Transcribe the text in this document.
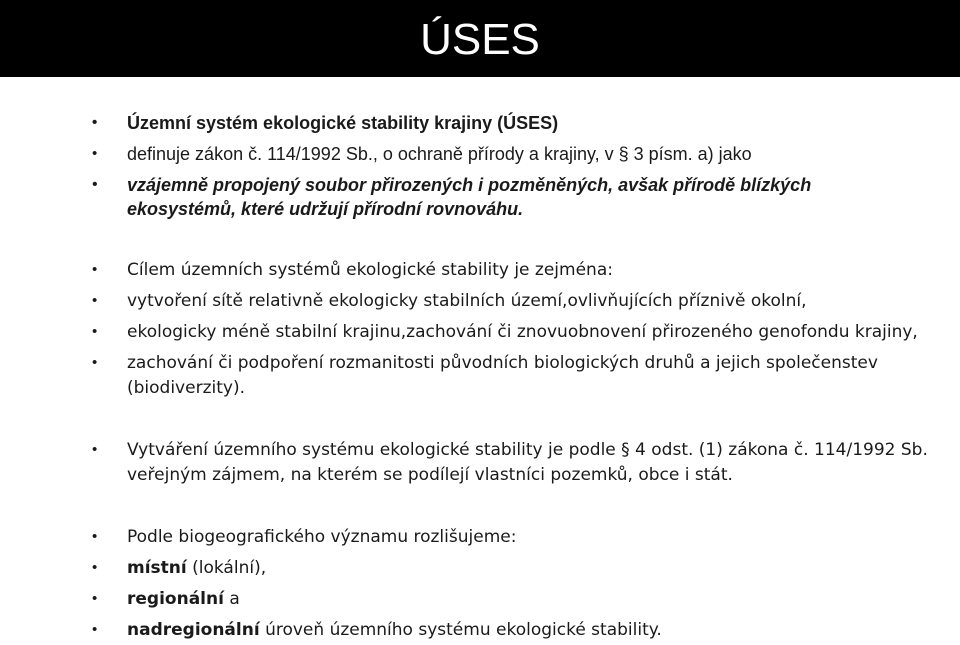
ÚSES
• Územní systém ekologické stability krajiny (ÚSES)
• definuje zákon č. 114/1992 Sb., o ochraně přírody a krajiny, v § 3 písm. a) jako
• vzájemně propojený soubor přirozených i pozměněných, avšak přírodě blízkých
ekosystémů, které udržují přírodní rovnováhu.
• Cílem územních systémů ekologické stability je zejména:
• vytvoření sítě relativně ekologicky stabilních území,ovlivňujících příznivě okolní,
• ekologicky méně stabilní krajinu,zachování či znovuobnovení přirozeného genofondu krajiny,
• zachování či podpoření rozmanitosti původních biologických druhů a jejich společenstev
(biodiverzity).
• Vytváření územního systému ekologické stability je podle § 4 odst. (1) zákona č. 114/1992 Sb.
veřejným zájmem, na kterém se podílejí vlastníci pozemků, obce i stát.
• Podle biogeografického významu rozlišujeme:
• místní (lokální),
• regionální a
• nadregionální úroveň územního systému ekologické stability.
